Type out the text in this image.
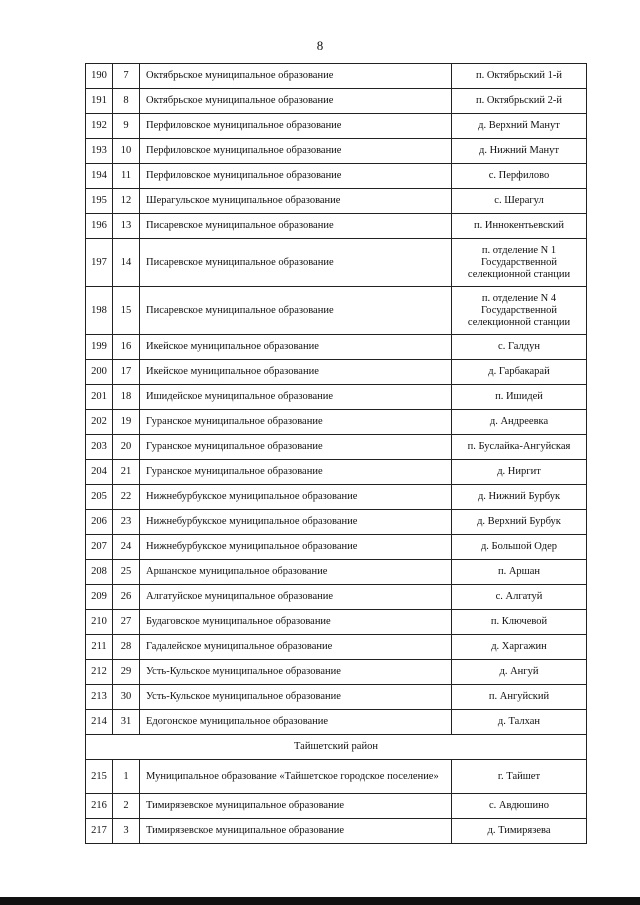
8
190	7	Октябрьское муниципальное образование	п. Октябрьский 1-й
191	8	Октябрьское муниципальное образование	п. Октябрьский 2-й
192	9	Перфиловское муниципальное образование	д. Верхний Манут
193	10	Перфиловское муниципальное образование	д. Нижний Манут
194	11	Перфиловское муниципальное образование	с. Перфилово
195	12	Шерагульское муниципальное образование	с. Шерагул
196	13	Писаревское муниципальное образование	п. Иннокентьевский
197	14	Писаревское муниципальное образование	п. отделение N 1 Государственной селекционной станции
198	15	Писаревское муниципальное образование	п. отделение N 4 Государственной селекционной станции
199	16	Икейское муниципальное образование	с. Галдун
200	17	Икейское муниципальное образование	д. Гарбакарай
201	18	Ишидейское муниципальное образование	п. Ишидей
202	19	Гуранское муниципальное образование	д. Андреевка
203	20	Гуранское муниципальное образование	п. Буслайка-Ангуйская
204	21	Гуранское муниципальное образование	д. Ниргит
205	22	Нижнебурбукское муниципальное образование	д. Нижний Бурбук
206	23	Нижнебурбукское муниципальное образование	д. Верхний Бурбук
207	24	Нижнебурбукское муниципальное образование	д. Большой Одер
208	25	Аршанское муниципальное образование	п. Аршан
209	26	Алгатуйское муниципальное образование	с. Алгатуй
210	27	Будаговское муниципальное образование	п. Ключевой
211	28	Гадалейское муниципальное образование	д. Харгажин
212	29	Усть-Кульское муниципальное образование	д. Ангуй
213	30	Усть-Кульское муниципальное образование	п. Ангуйский
214	31	Едогонское муниципальное образование	д. Талхан
Тайшетский район			
215	1	Муниципальное образование «Тайшетское городское поселение»	г. Тайшет
216	2	Тимирязевское муниципальное образование	с. Авдюшино
217	3	Тимирязевское муниципальное образование	д. Тимирязева
